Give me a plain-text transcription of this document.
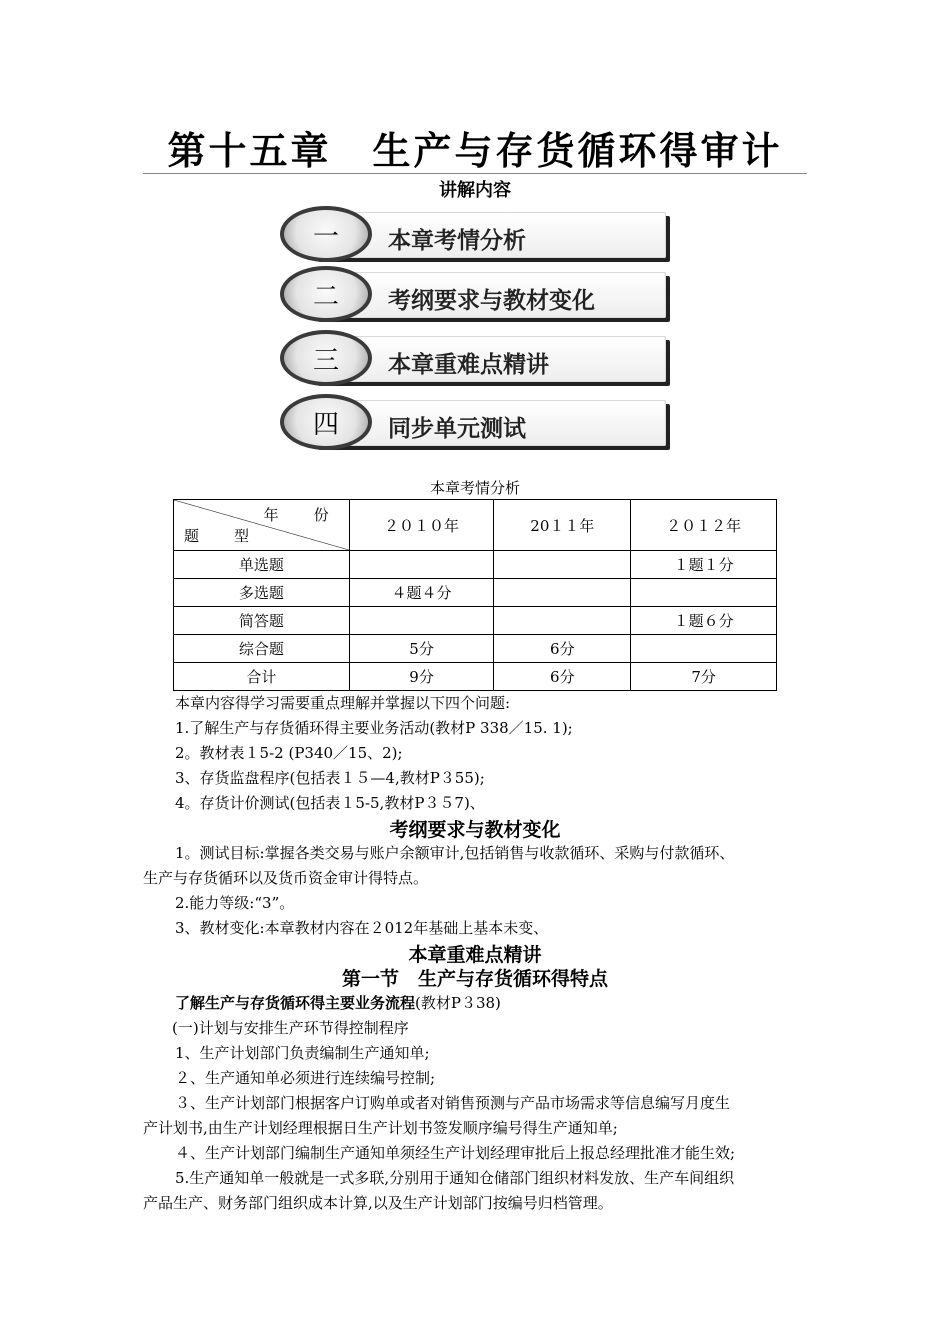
第十五章　生产与存货循环得审计
讲解内容
一	本章考情分析
二	考纲要求与教材变化
三	本章重难点精讲
四	同步单元测试
本章考情分析
年　份
题　型	２０１０年	20１１年	２０１２年
单选题			１题１分
多选题	４题４分		
简答题			１题６分
综合题	5分	6分	
合计	9分	6分	7分
本章内容得学习需要重点理解并掌握以下四个问题:
1.了解生产与存货循环得主要业务活动(教材P 338／15. 1);
2。教材表１5-2 (P340／15、2);
3、存货监盘程序(包括表１５—4,教材P３55);
4。存货计价测试(包括表１5-5,教材P３５7)、
考纲要求与教材变化
1。测试目标:掌握各类交易与账户余额审计,包括销售与收款循环、采购与付款循环、
生产与存货循环以及货币资金审计得特点。
2.能力等级:“3”。
3、教材变化:本章教材内容在２012年基础上基本未变、
本章重难点精讲
第一节　生产与存货循环得特点
了解生产与存货循环得主要业务流程(教材P３38)
(一)计划与安排生产环节得控制程序
1、生产计划部门负责编制生产通知单;
２、生产通知单必须进行连续编号控制;
３、生产计划部门根据客户订购单或者对销售预测与产品市场需求等信息编写月度生
产计划书,由生产计划经理根据日生产计划书签发顺序编号得生产通知单;
４、生产计划部门编制生产通知单须经生产计划经理审批后上报总经理批准才能生效;
5.生产通知单一般就是一式多联,分别用于通知仓储部门组织材料发放、生产车间组织
产品生产、财务部门组织成本计算,以及生产计划部门按编号归档管理。
